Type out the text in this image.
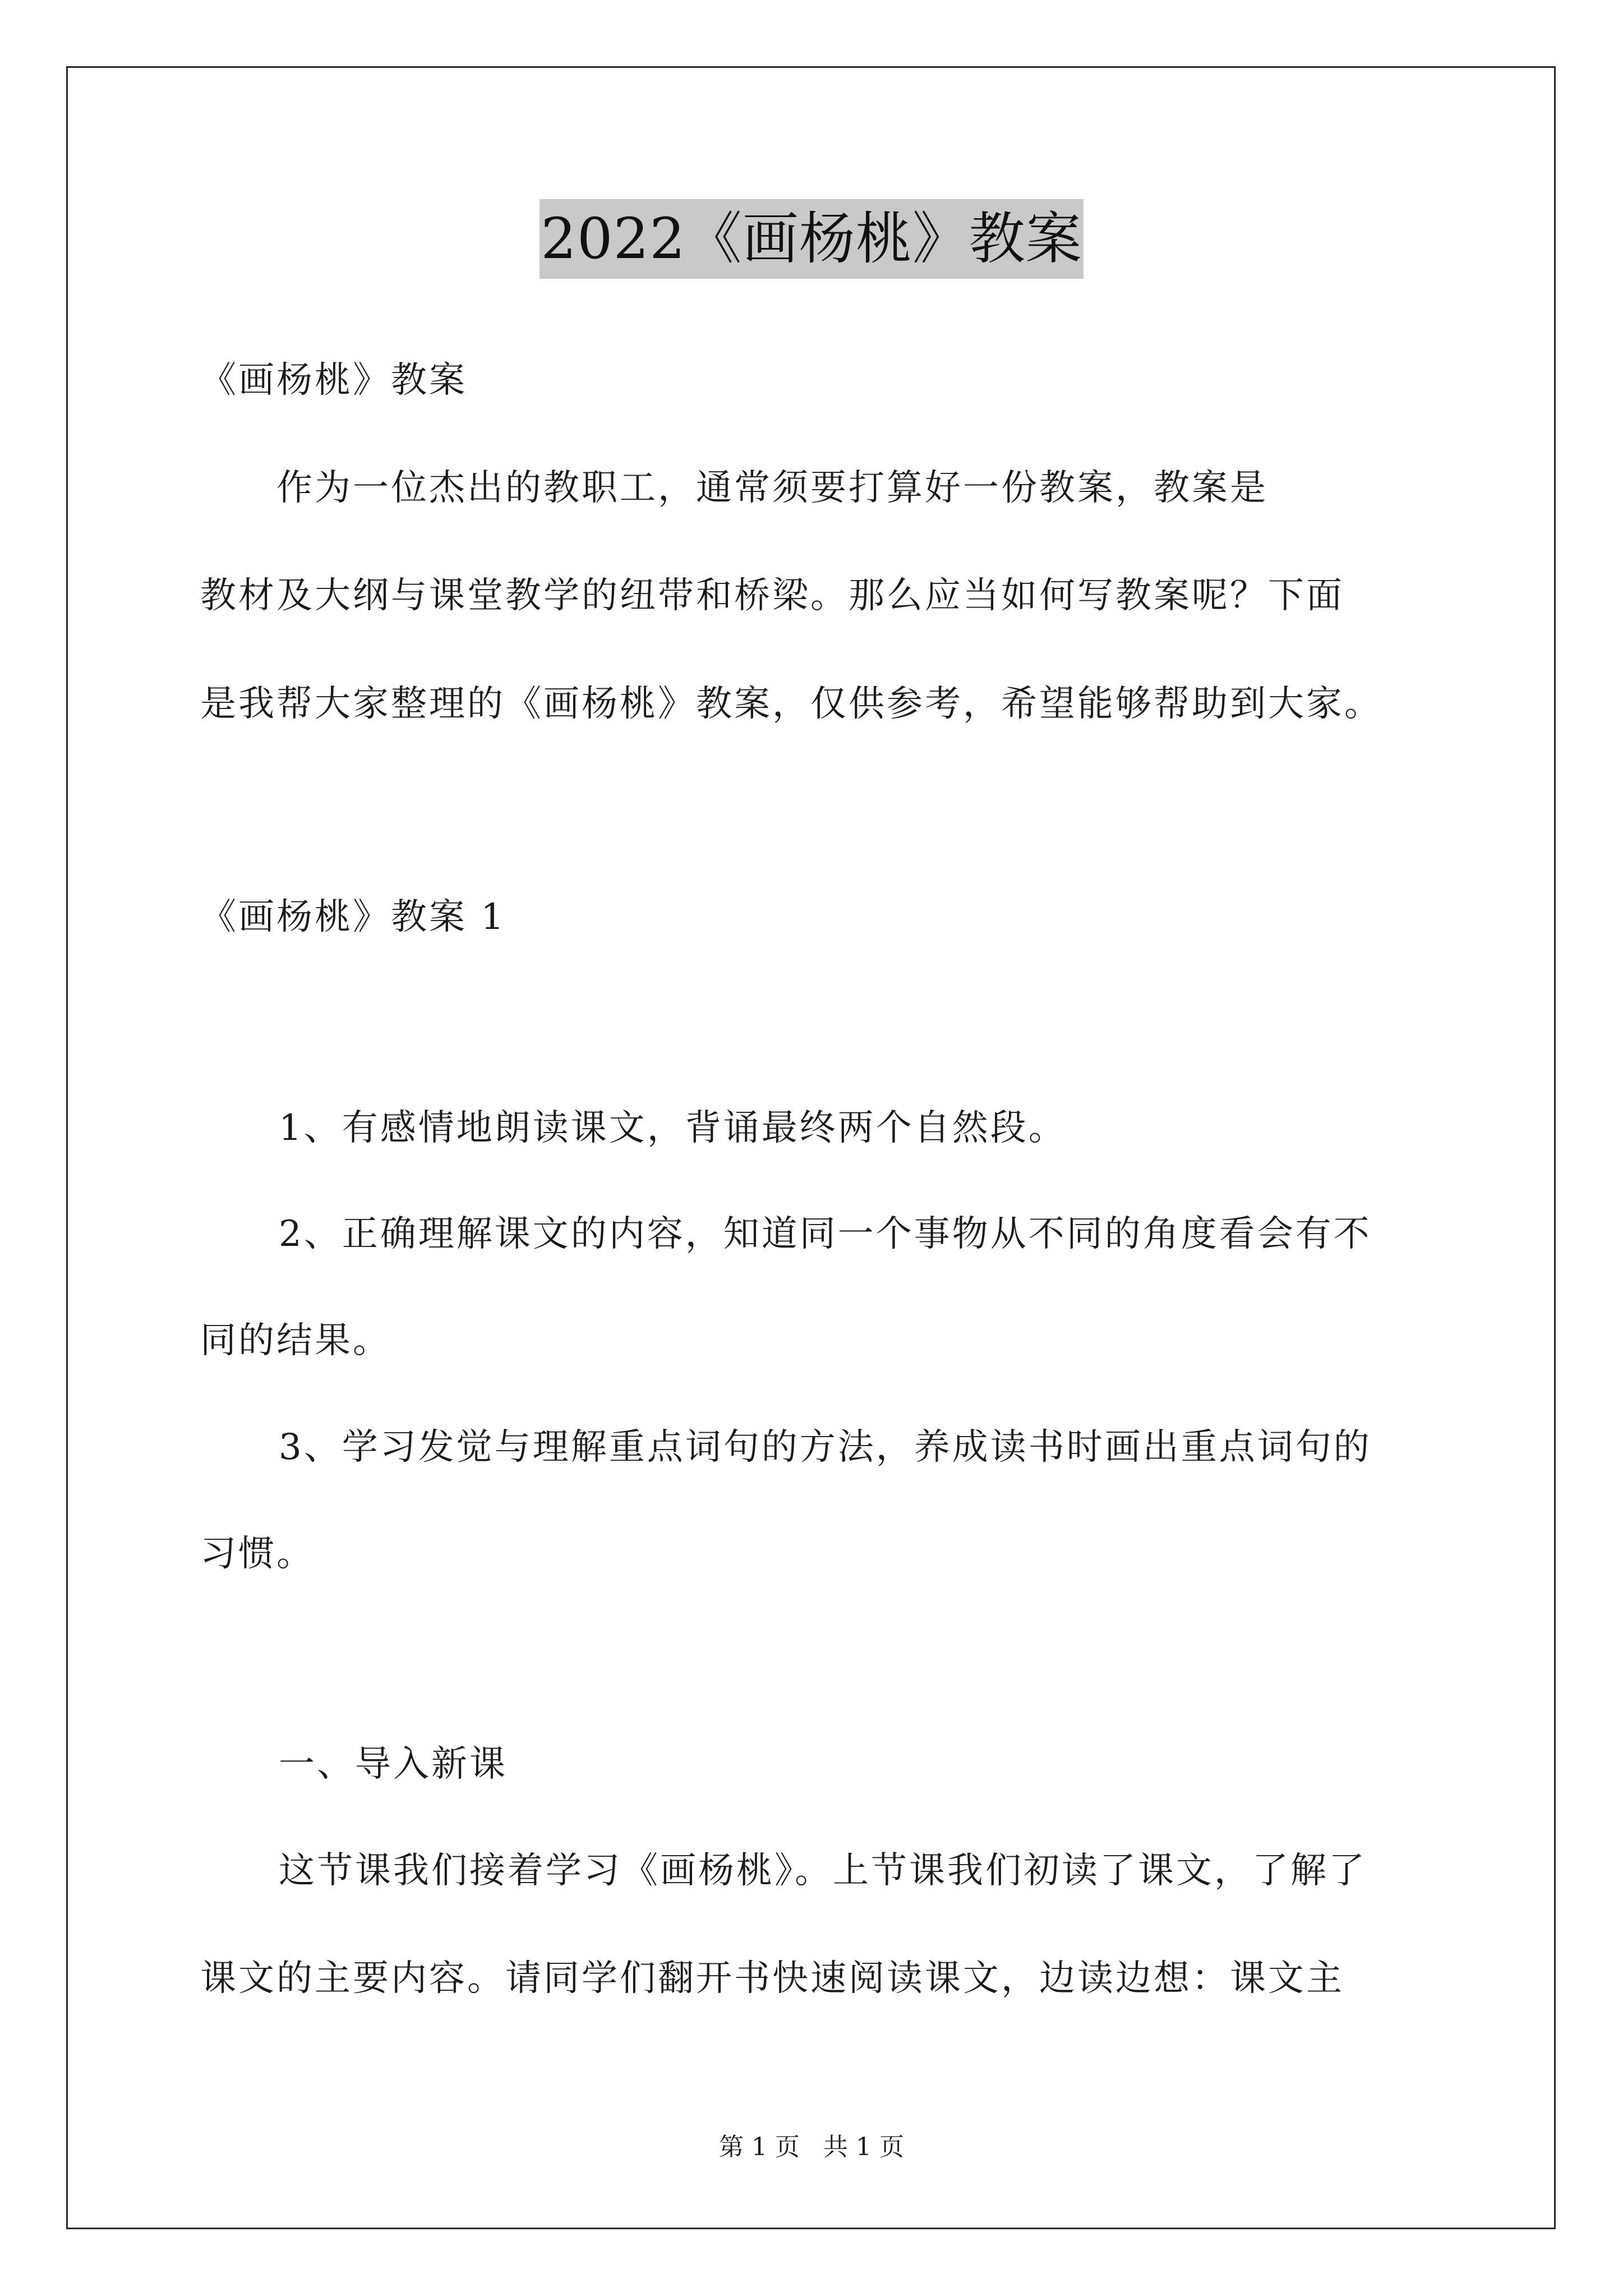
2022《画杨桃》教案
《画杨桃》教案
　　作为一位杰出的教职工，通常须要打算好一份教案，教案是
教材及大纲与课堂教学的纽带和桥梁。那么应当如何写教案呢？下面
是我帮大家整理的《画杨桃》教案，仅供参考，希望能够帮助到大家。
《画杨桃》教案 1
1、有感情地朗读课文，背诵最终两个自然段。
2、正确理解课文的内容，知道同一个事物从不同的角度看会有不
同的结果。
3、学习发觉与理解重点词句的方法，养成读书时画出重点词句的
习惯。
一、导入新课
这节课我们接着学习《画杨桃》。上节课我们初读了课文，了解了
课文的主要内容。请同学们翻开书快速阅读课文，边读边想：课文主
第 1 页 共 1 页
